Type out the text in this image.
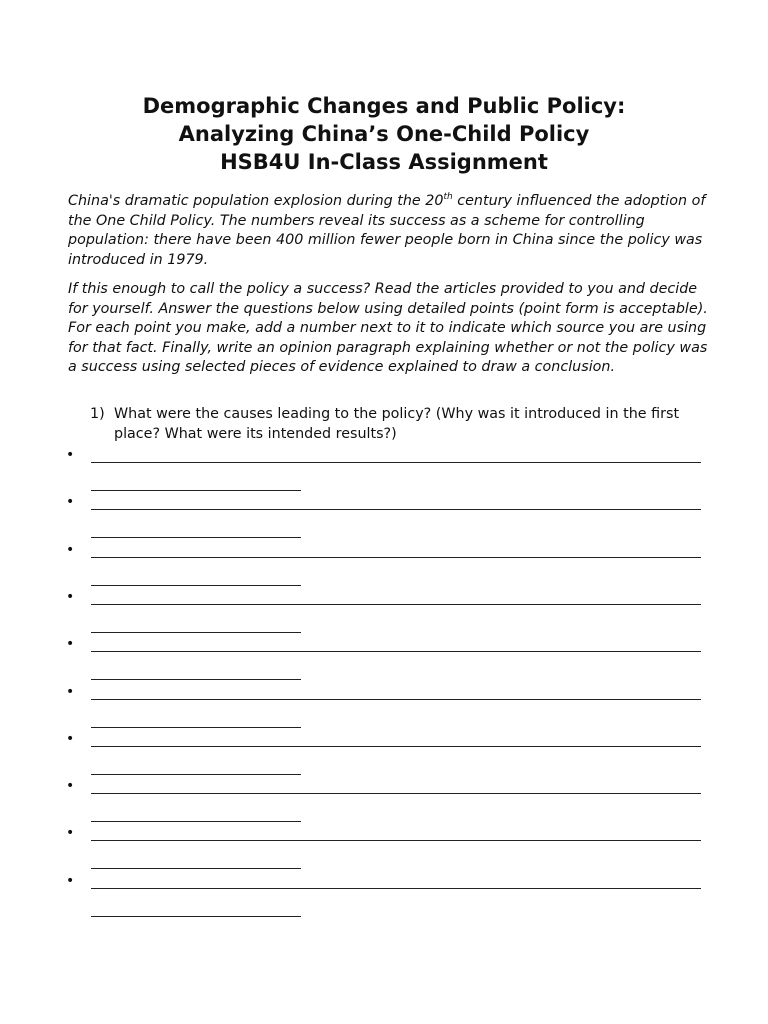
Demographic Changes and Public Policy:
Analyzing China’s One-Child Policy
HSB4U In-Class Assignment

China's dramatic population explosion during the 20th century influenced the adoption of the One Child Policy. The numbers reveal its success as a scheme for controlling population: there have been 400 million fewer people born in China since the policy was introduced in 1979.

If this enough to call the policy a success? Read the articles provided to you and decide for yourself. Answer the questions below using detailed points (point form is acceptable). For each point you make, add a number next to it to indicate which source you are using for that fact. Finally, write an opinion paragraph explaining whether or not the policy was a success using selected pieces of evidence explained to draw a conclusion.

1) What were the causes leading to the policy? (Why was it introduced in the first place? What were its intended results?)
•
•
•
•
•
•
•
•
•
•
